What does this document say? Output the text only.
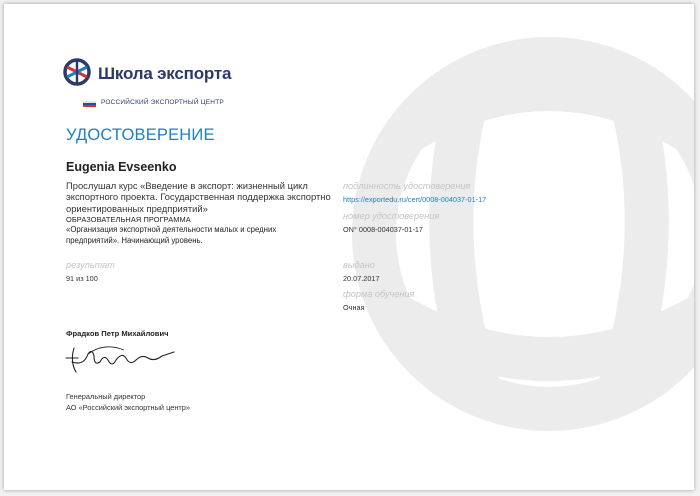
Школа экспорта
РОССИЙСКИЙ ЭКСПОРТНЫЙ ЦЕНТР
УДОСТОВЕРЕНИЕ
Eugenia Evseenko
Прослушал курс «Введение в экспорт: жизненный цикл экспортного проекта. Государственная поддержка экспортно ориентированных предприятий»
ОБРАЗОВАТЕЛЬНАЯ ПРОГРАММА
«Организация экспортной деятельности малых и средних предприятий». Начинающий уровень.
результат
91 из 100
подлинность удостоверения
https://exportedu.ru/cert/0008-004037-01-17
номер удостоверения
ОN° 0008-004037-01-17
выдано
20.07.2017
форма обучения
Очная
Фрадков Петр Михайлович
Генеральный директор
АО «Российский экспортный центр»
